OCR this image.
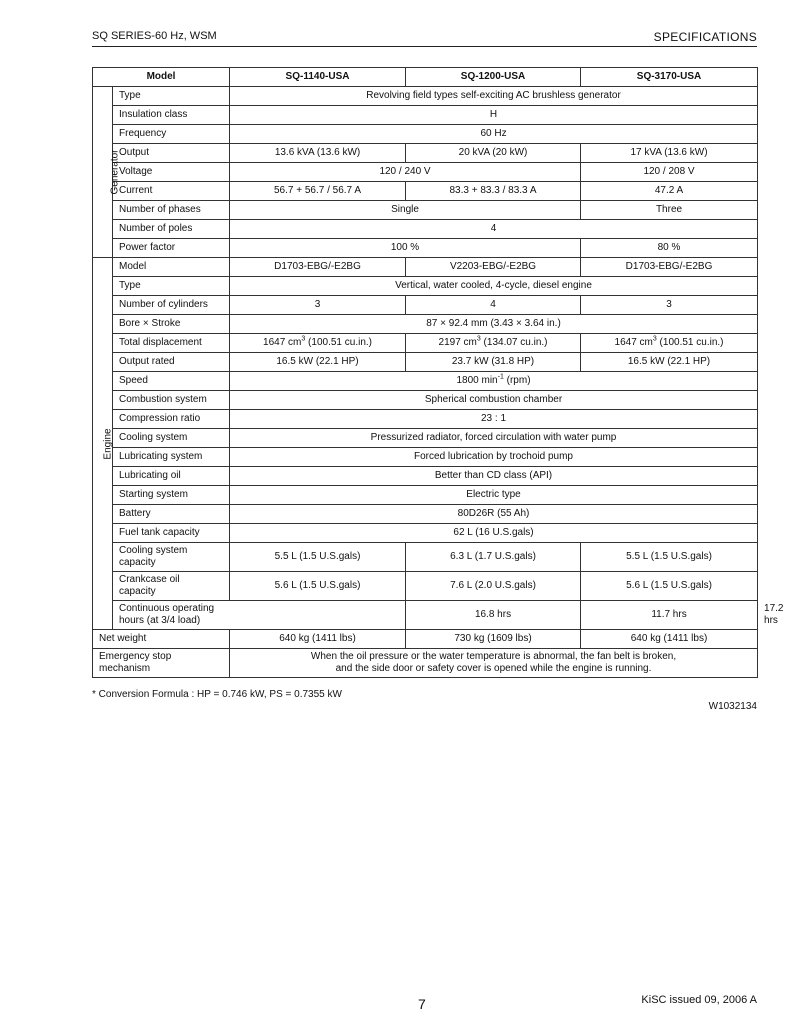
SQ SERIES-60 Hz, WSM	SPECIFICATIONS
Model		SQ-1140-USA	SQ-1200-USA	SQ-3170-USA	
Generator	Type	Revolving field types self-exciting AC brushless generator			
	Insulation class	H			
	Frequency	60 Hz			
	Output	13.6 kVA (13.6 kW)	20 kVA (20 kW)	17 kVA (13.6 kW)	
	Voltage	120 / 240 V		120 / 208 V	
	Current	56.7 + 56.7 / 56.7 A	83.3 + 83.3 / 83.3 A	47.2 A	
	Number of phases	Single		Three	
	Number of poles	4			
	Power factor	100 %		80 %	
Engine	Model	D1703-EBG/-E2BG	V2203-EBG/-E2BG	D1703-EBG/-E2BG	
	Type	Vertical, water cooled, 4-cycle, diesel engine			
	Number of cylinders	3	4	3	
	Bore × Stroke	87 × 92.4 mm (3.43 × 3.64 in.)			
	Total displacement	1647 $cm^3$ (100.51 cu.in.)	2197 $cm^3$ (134.07 cu.in.)	1647 $cm^3$ (100.51 cu.in.)	
	Output rated	16.5 kW (22.1 HP)	23.7 kW (31.8 HP)	16.5 kW (22.1 HP)	
	Speed	1800 $\min^{-1} (rpm)$			
	Combustion system	Spherical combustion chamber			
	Compression ratio	23 : 1			
	Cooling system	Pressurized radiator, forced circulation with water pump			
	Lubricating system	Forced lubrication by trochoid pump			
	Lubricating oil	Better than CD class (API)			
	Starting system	Electric type			
	Battery	80D26R (55 Ah)			
	Fuel tank capacity	62 L (16 U.S.gals)			
	Cooling system
capacity	5.5 L (1.5 U.S.gals)	6.3 L (1.7 U.S.gals)	5.5 L (1.5 U.S.gals)	
	Crankcase oil
capacity	5.6 L (1.5 U.S.gals)	7.6 L (2.0 U.S.gals)	5.6 L (1.5 U.S.gals)	
	Continuous operating
hours (at 3/4 load)		16.8 hrs	11.7 hrs	17.2 hrs
Net weight		640 kg (1411 lbs)	730 kg (1609 lbs)	640 kg (1411 lbs)	
Emergency stop
mechanism		When the oil pressure or the water temperature is abnormal, the fan belt is broken,
and the side door or safety cover is opened while the engine is running.			
* Conversion Formula : HP = 0.746 kW, PS = 0.7355 kW
W1032134
7	KiSC issued 09, 2006 A
